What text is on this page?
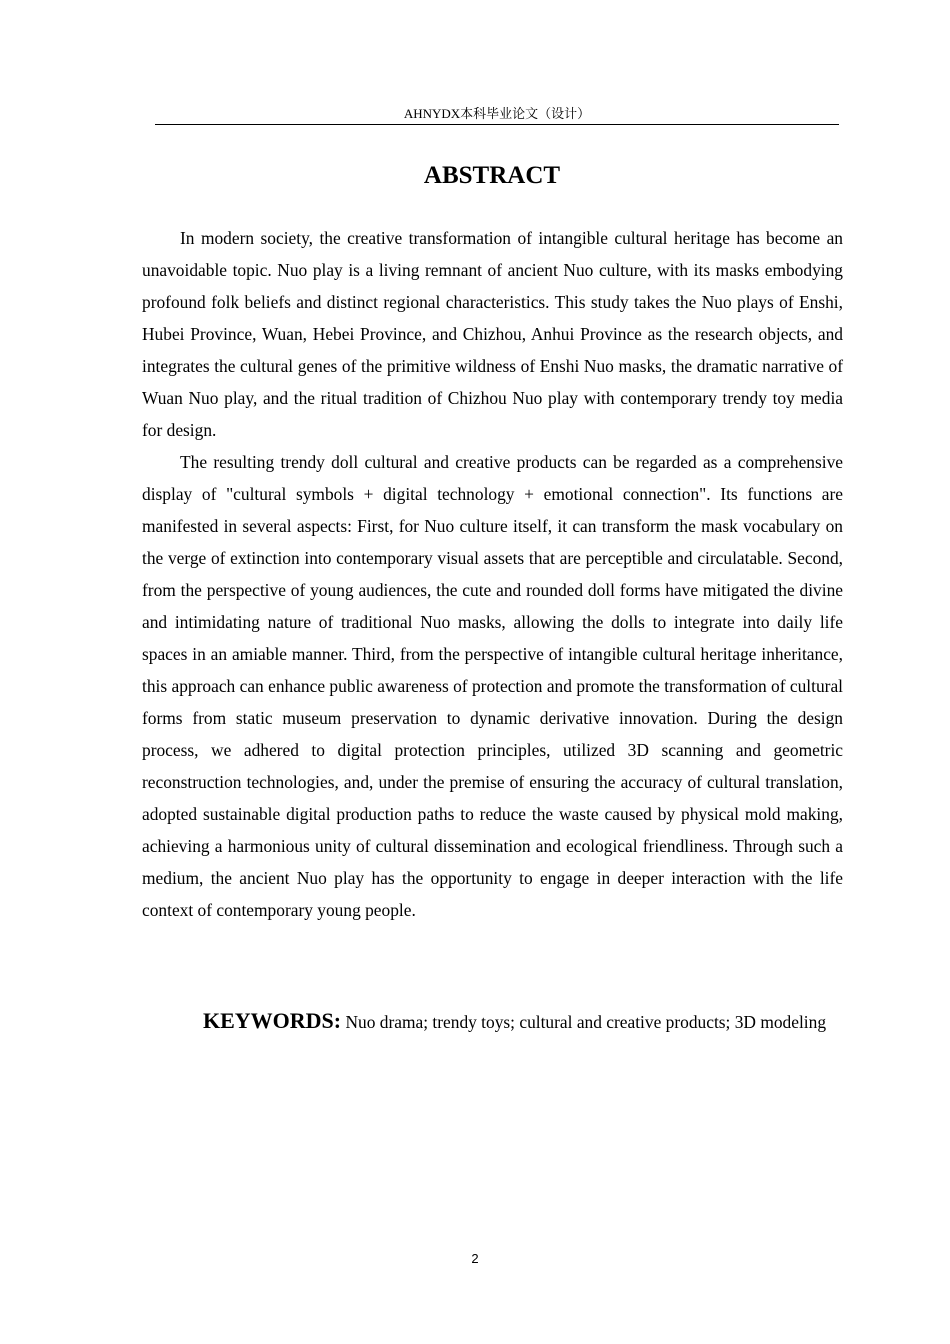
AHNYDX本科毕业论文（设计）
ABSTRACT

In modern society, the creative transformation of intangible cultural heritage has become an unavoidable topic. Nuo play is a living remnant of ancient Nuo culture, with its masks embodying profound folk beliefs and distinct regional characteristics. This study takes the Nuo plays of Enshi, Hubei Province, Wuan, Hebei Province, and Chizhou, Anhui Province as the research objects, and integrates the cultural genes of the primitive wildness of Enshi Nuo masks, the dramatic narrative of Wuan Nuo play, and the ritual tradition of Chizhou Nuo play with contemporary trendy toy media for design.

The resulting trendy doll cultural and creative products can be regarded as a comprehensive display of "cultural symbols + digital technology + emotional connection". Its functions are manifested in several aspects: First, for Nuo culture itself, it can transform the mask vocabulary on the verge of extinction into contemporary visual assets that are perceptible and circulatable. Second, from the perspective of young audiences, the cute and rounded doll forms have mitigated the divine and intimidating nature of traditional Nuo masks, allowing the dolls to integrate into daily life spaces in an amiable manner. Third, from the perspective of intangible cultural heritage inheritance, this approach can enhance public awareness of protection and promote the transformation of cultural forms from static museum preservation to dynamic derivative innovation. During the design process, we adhered to digital protection principles, utilized 3D scanning and geometric reconstruction technologies, and, under the premise of ensuring the accuracy of cultural translation, adopted sustainable digital production paths to reduce the waste caused by physical mold making, achieving a harmonious unity of cultural dissemination and ecological friendliness. Through such a medium, the ancient Nuo play has the opportunity to engage in deeper interaction with the life context of contemporary young people.

KEYWORDS: Nuo drama; trendy toys; cultural and creative products; 3D modeling
2
